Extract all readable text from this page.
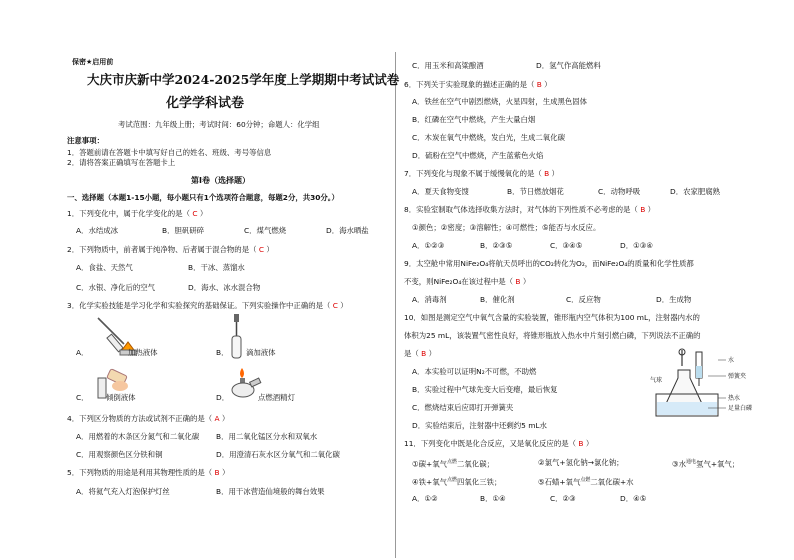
保密★启用前
大庆市庆新中学2024-2025学年度上学期期中考试试卷
化学学科试卷
考试范围：九年级上册；考试时间：60分钟；命题人：化学组
注意事项：
1．答题前请在答题卡中填写好自己的姓名、班级、考号等信息
2．请将答案正确填写在答题卡上
第I卷（选择题）
一、选择题（本题1-15小题，每小题只有1个选项符合题意，每题2分，共30分。）
1．下列变化中，属于化学变化的是（ C ）
A．水结成冰	B．胆矾研碎	C．煤气燃烧	D．海水晒盐
2．下列物质中，前者属于纯净物、后者属于混合物的是（ C ）
A．食盐、天然气	B．干冰、蒸馏水
C．水银、净化后的空气	D．海水、冰水混合物
3．化学实验技能是学习化学和实验探究的基础保证。下列实验操作中正确的是（ C ）
A．	加热液体	B． 滴加液体
C． 倾倒液体	D．	点燃酒精灯
4．下列区分物质的方法或试剂不正确的是（ A ）
A．用燃着的木条区分氮气和二氧化碳 B．用二氧化锰区分水和双氧水
C．用观察颜色区分铁和铜	D．用澄清石灰水区分氧气和二氧化碳
5．下列物质的用途是利用其物理性质的是（ B ）
A．将氦气充入灯泡保护灯丝	B．用干冰营造仙境般的舞台效果
C．用玉米和高粱酿酒	D．氢气作高能燃料
6．下列关于实验现象的描述正确的是（ B ）
A．铁丝在空气中剧烈燃烧，火星四射，生成黑色固体
B．红磷在空气中燃烧，产生大量白烟
C．木炭在氧气中燃烧，发白光，生成二氧化碳
D．硫粉在空气中燃烧，产生蓝紫色火焰
7．下列变化与现象不属于缓慢氧化的是（ B ）
A．夏天食物变馊	B．节日燃放烟花	C．动物呼吸	D．农家肥腐熟
8．实验室制取气体选择收集方法时，对气体的下列性质不必考虑的是（ B ）
①颜色；②密度；③溶解性；④可燃性；⑤能否与水反应。
A．①②③	B．②③⑤	C．③④⑤	D．①③④
9．太空舱中常用NiFe₂O₄将航天员呼出的CO₂转化为O₂，而NiFe₂O₄的质量和化学性质都
不变，则NiFe₂O₄在该过程中是（ B ）
A．消毒剂	B．催化剂	C．反应物	D．生成物
10．如图是测定空气中氧气含量的实验装置，锥形瓶内空气体积为100 mL，注射器内水的
体积为25 mL，该装置气密性良好，将锥形瓶放入热水中片刻引燃白磷，下列说法不正确的
是（ B ）
A．本实验可以证明N₂不可燃，不助燃
B．实验过程中气球先变大后变瘪，最后恢复
C．燃烧结束后应即打开弹簧夹
D．实验结束后，注射器中还剩约5 mL水
气球
水
弹簧夹
热水
足量白磷
11．下列变化中既是化合反应，又是氧化反应的是（ B ）
①碳+氧气$^{点燃}$二氧化碳；	②氯气+氢化钠→氯化钠；	③水$^{通电}$氢气+氧气；
④铁+氧气$^{点燃}$四氧化三铁；	⑤石蜡+氧气$^{点燃}$二氧化碳+水
A．①②	B．①④	C．②③	D．④⑤
